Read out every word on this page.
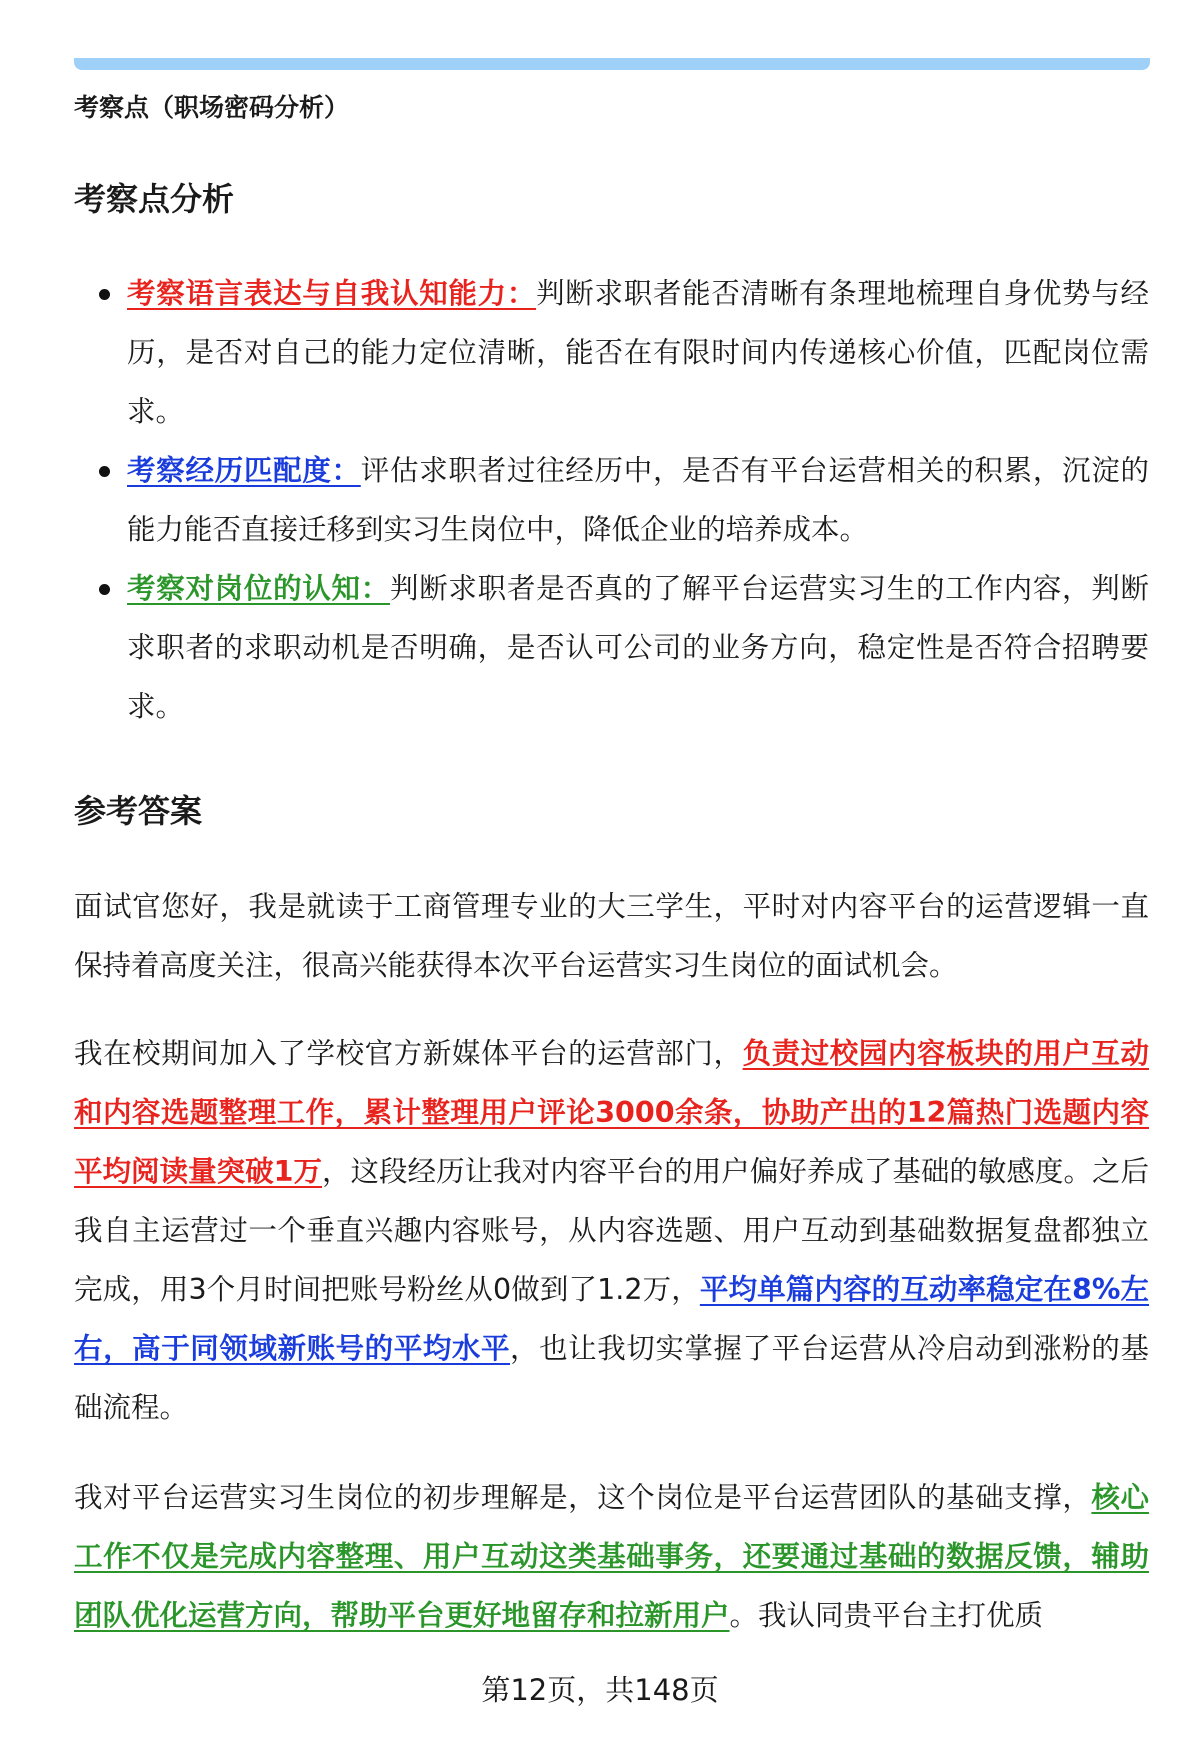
考察点（职场密码分析）
考察点分析
考察语言表达与自我认知能力：判断求职者能否清晰有条理地梳理自身优势与经历，是否对自己的能力定位清晰，能否在有限时间内传递核心价值，匹配岗位需求。
考察经历匹配度：评估求职者过往经历中，是否有平台运营相关的积累，沉淀的能力能否直接迁移到实习生岗位中，降低企业的培养成本。
考察对岗位的认知：判断求职者是否真的了解平台运营实习生的工作内容，判断求职者的求职动机是否明确，是否认可公司的业务方向，稳定性是否符合招聘要求。
参考答案

面试官您好，我是就读于工商管理专业的大三学生，平时对内容平台的运营逻辑一直保持着高度关注，很高兴能获得本次平台运营实习生岗位的面试机会。

我在校期间加入了学校官方新媒体平台的运营部门，负责过校园内容板块的用户互动和内容选题整理工作，累计整理用户评论3000余条，协助产出的12篇热门选题内容平均阅读量突破1万，这段经历让我对内容平台的用户偏好养成了基础的敏感度。之后我自主运营过一个垂直兴趣内容账号，从内容选题、用户互动到基础数据复盘都独立完成，用3个月时间把账号粉丝从0做到了1.2万，平均单篇内容的互动率稳定在8%左右，高于同领域新账号的平均水平，也让我切实掌握了平台运营从冷启动到涨粉的基础流程。

我对平台运营实习生岗位的初步理解是，这个岗位是平台运营团队的基础支撑，核心工作不仅是完成内容整理、用户互动这类基础事务，还要通过基础的数据反馈，辅助团队优化运营方向，帮助平台更好地留存和拉新用户。我认同贵平台主打优质

第12页，共148页
